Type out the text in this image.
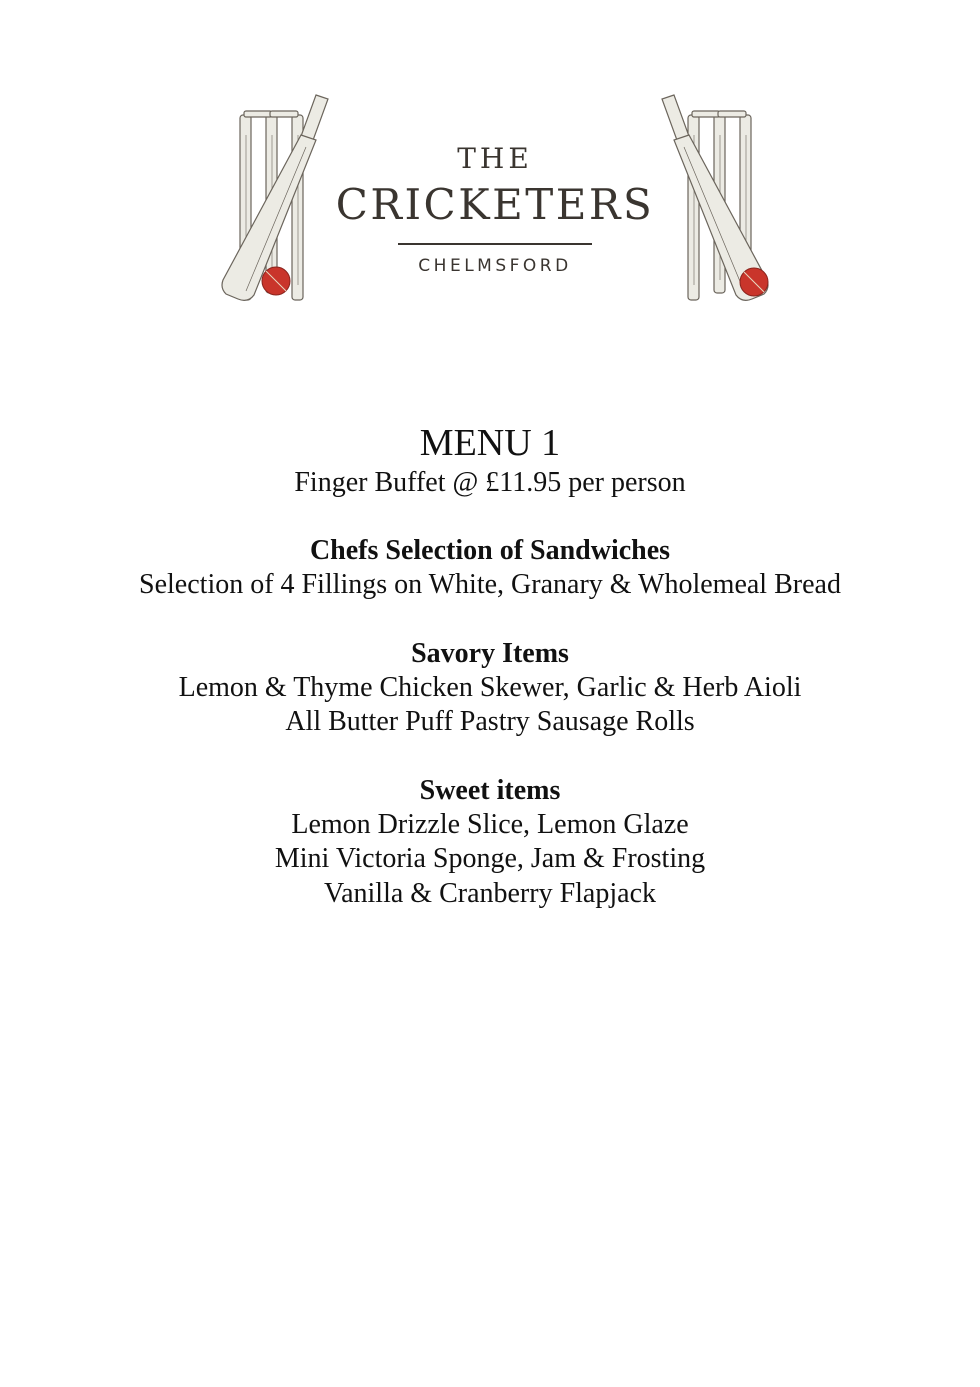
THE
CRICKETERS
CHELMSFORD
MENU 1

Finger Buffet @ £11.95 per person

Chefs Selection of Sandwiches

Selection of 4 Fillings on White, Granary & Wholemeal Bread

Savory Items

Lemon & Thyme Chicken Skewer, Garlic & Herb Aioli

All Butter Puff Pastry Sausage Rolls

Sweet items

Lemon Drizzle Slice, Lemon Glaze

Mini Victoria Sponge, Jam & Frosting

Vanilla & Cranberry Flapjack
